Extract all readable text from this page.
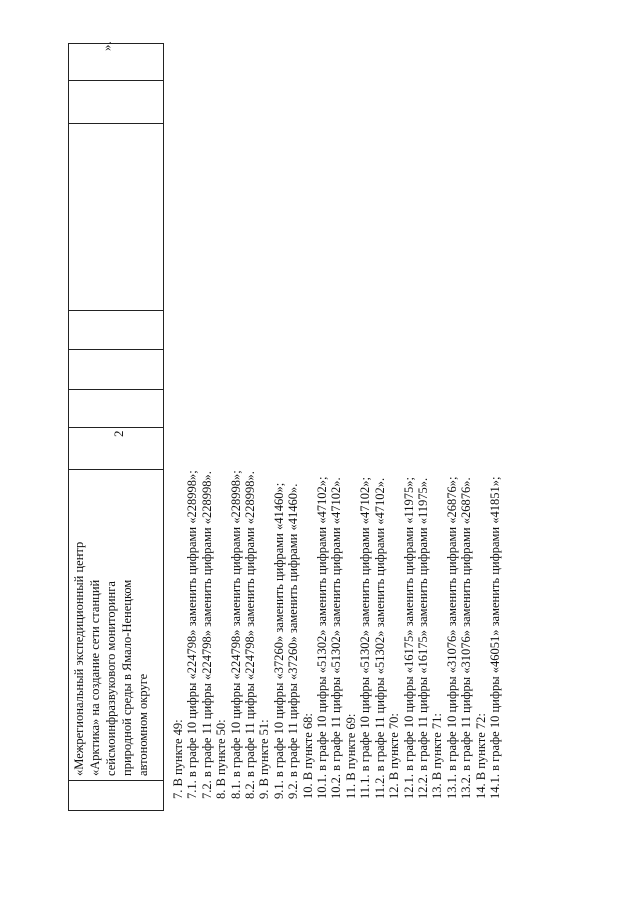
2
».
«Межрегиональный экспедиционный центр «Арктика» на создание сети станций сейсмоинфразвукового мониторинга природной среды в Ямало-Ненецком автономном округе 7. В пункте 49: 7.1. в графе 10 цифры «224798» заменить цифрами «228998»; 7.2. в графе 11 цифры «224798» заменить цифрами «228998». 8. В пункте 50: 8.1. в графе 10 цифры «224798» заменить цифрами «228998»; 8.2. в графе 11 цифры «224798» заменить цифрами «228998». 9. В пункте 51: 9.1. в графе 10 цифры «37260» заменить цифрами «41460»; 9.2. в графе 11 цифры «37260» заменить цифрами «41460». 10. В пункте 68: 10.1. в графе 10 цифры «51302» заменить цифрами «47102»; 10.2. в графе 11 цифры «51302» заменить цифрами «47102». 11. В пункте 69: 11.1. в графе 10 цифры «51302» заменить цифрами «47102»; 11.2. в графе 11 цифры «51302» заменить цифрами «47102». 12. В пункте 70: 12.1. в графе 10 цифры «16175» заменить цифрами «11975»; 12.2. в графе 11 цифры «16175» заменить цифрами «11975». 13. В пункте 71: 13.1. в графе 10 цифры «31076» заменить цифрами «26876»; 13.2. в графе 11 цифры «31076» заменить цифрами «26876». 14. В пункте 72: 14.1. в графе 10 цифры «46051» заменить цифрами «41851»;
